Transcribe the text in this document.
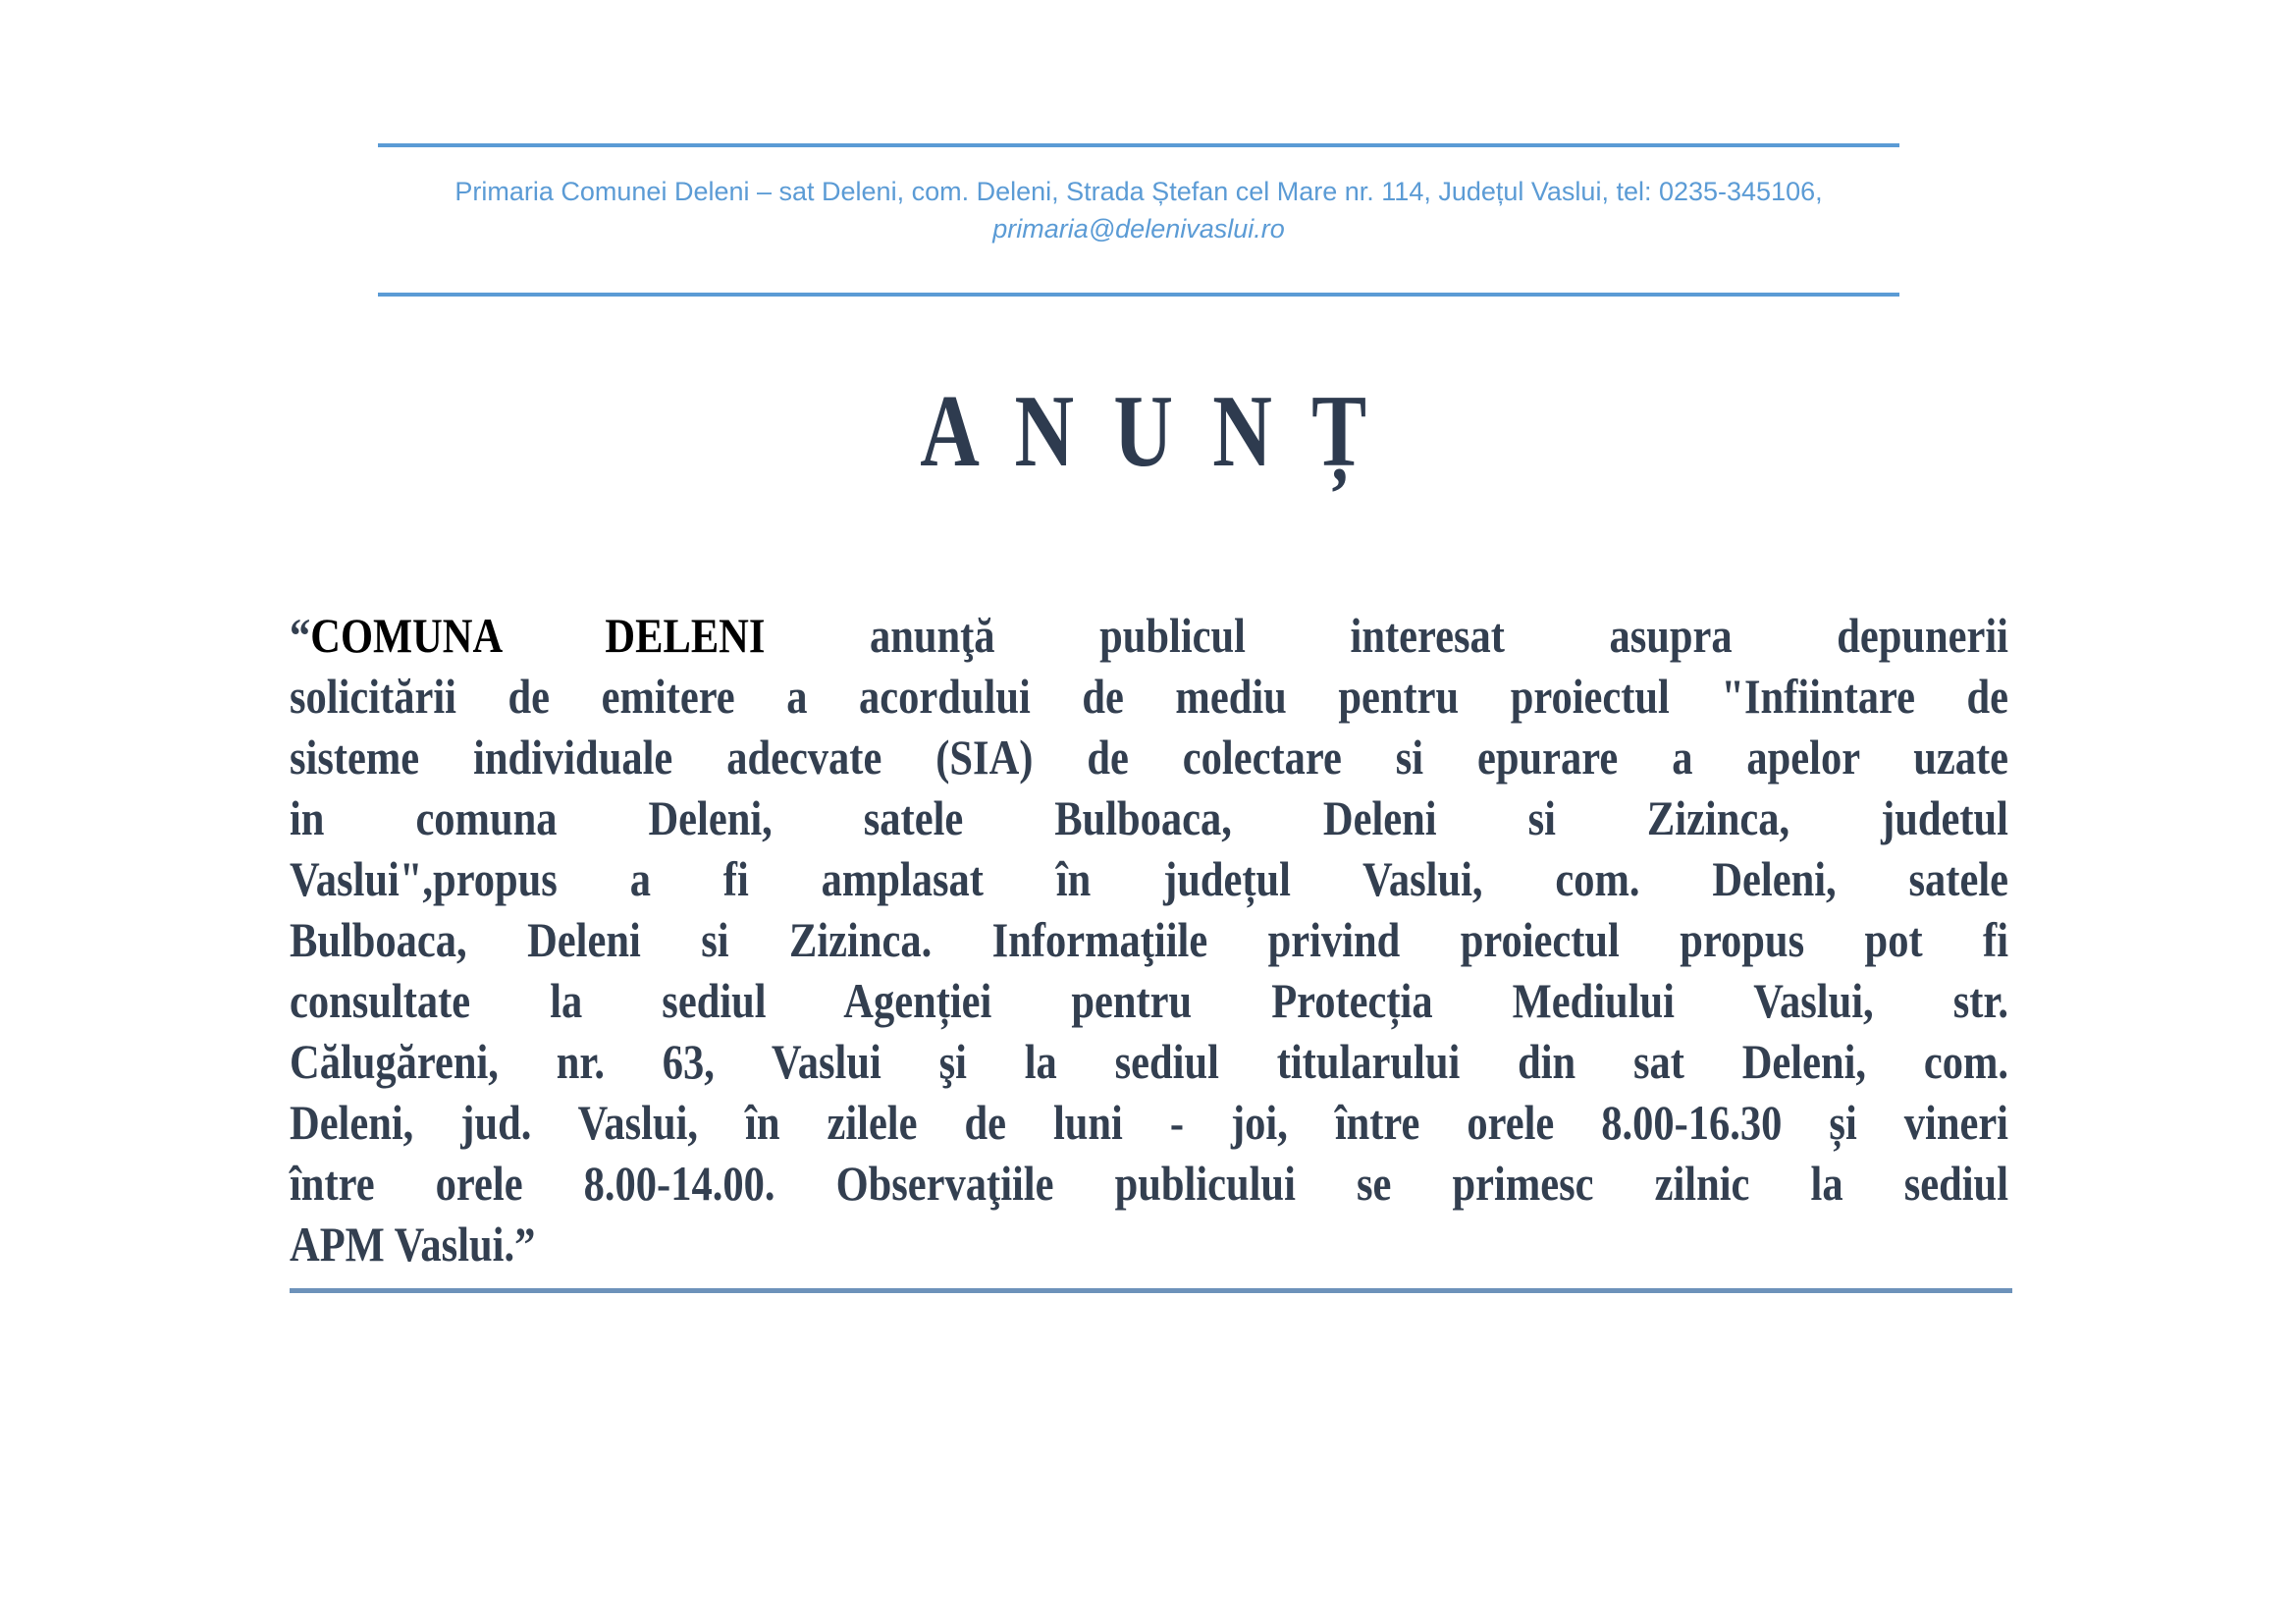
Primaria Comunei Deleni – sat Deleni, com. Deleni, Strada Ștefan cel Mare nr. 114, Județul Vaslui, tel: 0235-345106,
primaria@delenivaslui.ro
A N U N Ț
“COMUNA DELENI anunţă publicul interesat asupra depunerii
solicitării de emitere a acordului de mediu pentru proiectul "Infiintare de
sisteme individuale adecvate (SIA) de colectare si epurare a apelor uzate
in comuna Deleni, satele Bulboaca, Deleni si Zizinca, judetul
Vaslui",propus a fi amplasat în județul Vaslui, com. Deleni, satele
Bulboaca, Deleni si Zizinca. Informaţiile privind proiectul propus pot fi
consultate la sediul Agenției pentru Protecția Mediului Vaslui, str.
Călugăreni, nr. 63, Vaslui şi la sediul titularului din sat Deleni, com.
Deleni, jud. Vaslui, în zilele de luni - joi, între orele 8.00-16.30 și vineri
între orele 8.00-14.00. Observaţiile publicului se primesc zilnic la sediul
APM Vaslui.”
